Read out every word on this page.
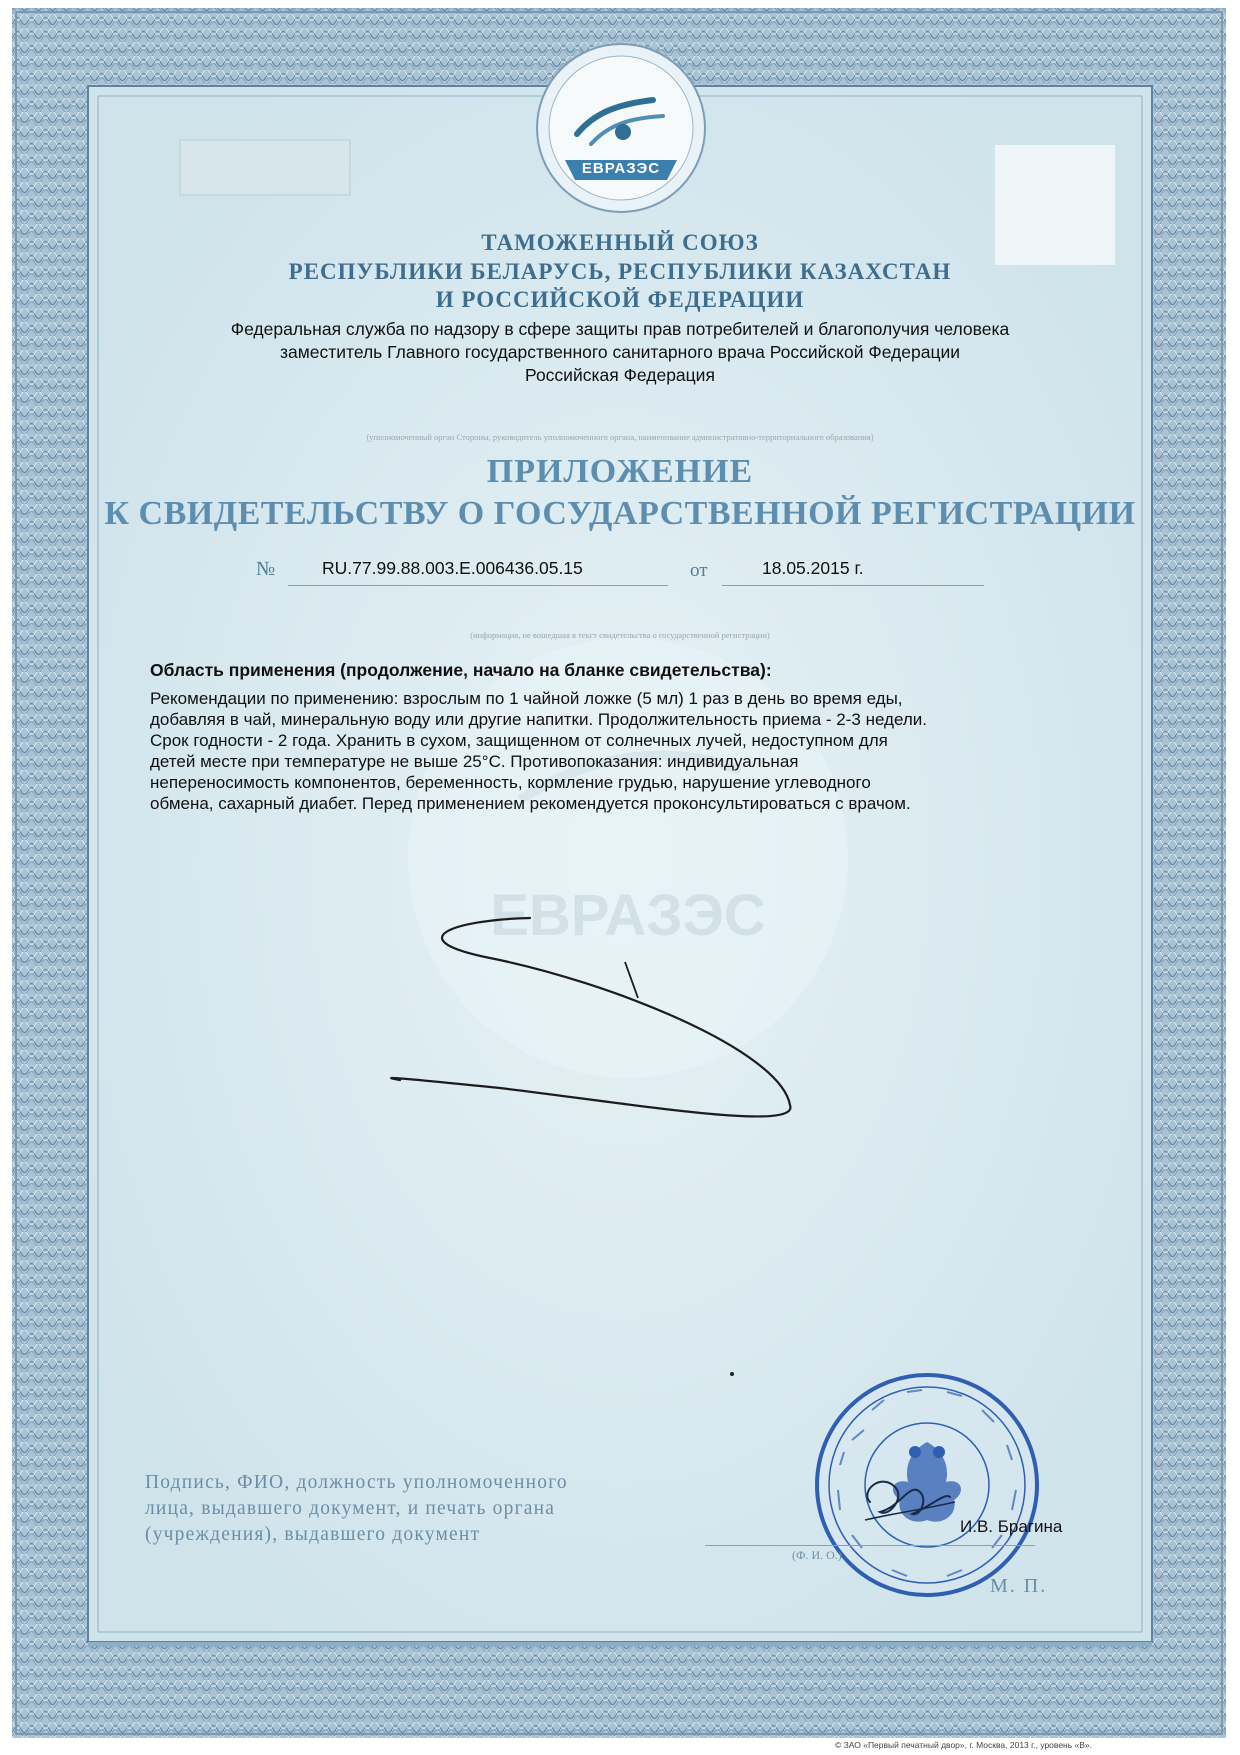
ЕВРАЗЭС
ЕВРАЗЭС
ТАМОЖЕННЫЙ СОЮЗ
РЕСПУБЛИКИ БЕЛАРУСЬ, РЕСПУБЛИКИ КАЗАХСТАН
И РОССИЙСКОЙ ФЕДЕРАЦИИ
Федеральная служба по надзору в сфере защиты прав потребителей и благополучия человека
заместитель Главного государственного санитарного врача Российской Федерации
Российская Федерация
(уполномоченный орган Стороны, руководитель уполномоченного органа, наименование административно-территориального образования)
ПРИЛОЖЕНИЕ
К СВИДЕТЕЛЬСТВУ О ГОСУДАРСТВЕННОЙ РЕГИСТРАЦИИ
№	RU.77.99.88.003.Е.006436.05.15	от	18.05.2015 г.
(информация, не вошедшая в текст свидетельства о государственной регистрации)
Область применения (продолжение, начало на бланке свидетельства):
Рекомендации по применению: взрослым по 1 чайной ложке (5 мл) 1 раз в день во время еды,
добавляя в чай, минеральную воду или другие напитки. Продолжительность приема - 2-3 недели.
Срок годности - 2 года. Хранить в сухом, защищенном от солнечных лучей, недоступном для
детей месте при температуре не выше 25°С. Противопоказания: индивидуальная
непереносимость компонентов, беременность, кормление грудью, нарушение углеводного
обмена, сахарный диабет. Перед применением рекомендуется проконсультироваться с врачом.
Подпись, ФИО, должность уполномоченного
лица, выдавшего документ, и печать органа
(учреждения), выдавшего документ	И.В. Брагина
(Ф. И. О.)
М. П.
© ЗАО «Первый печатный двор», г. Москва, 2013 г., уровень «В».
